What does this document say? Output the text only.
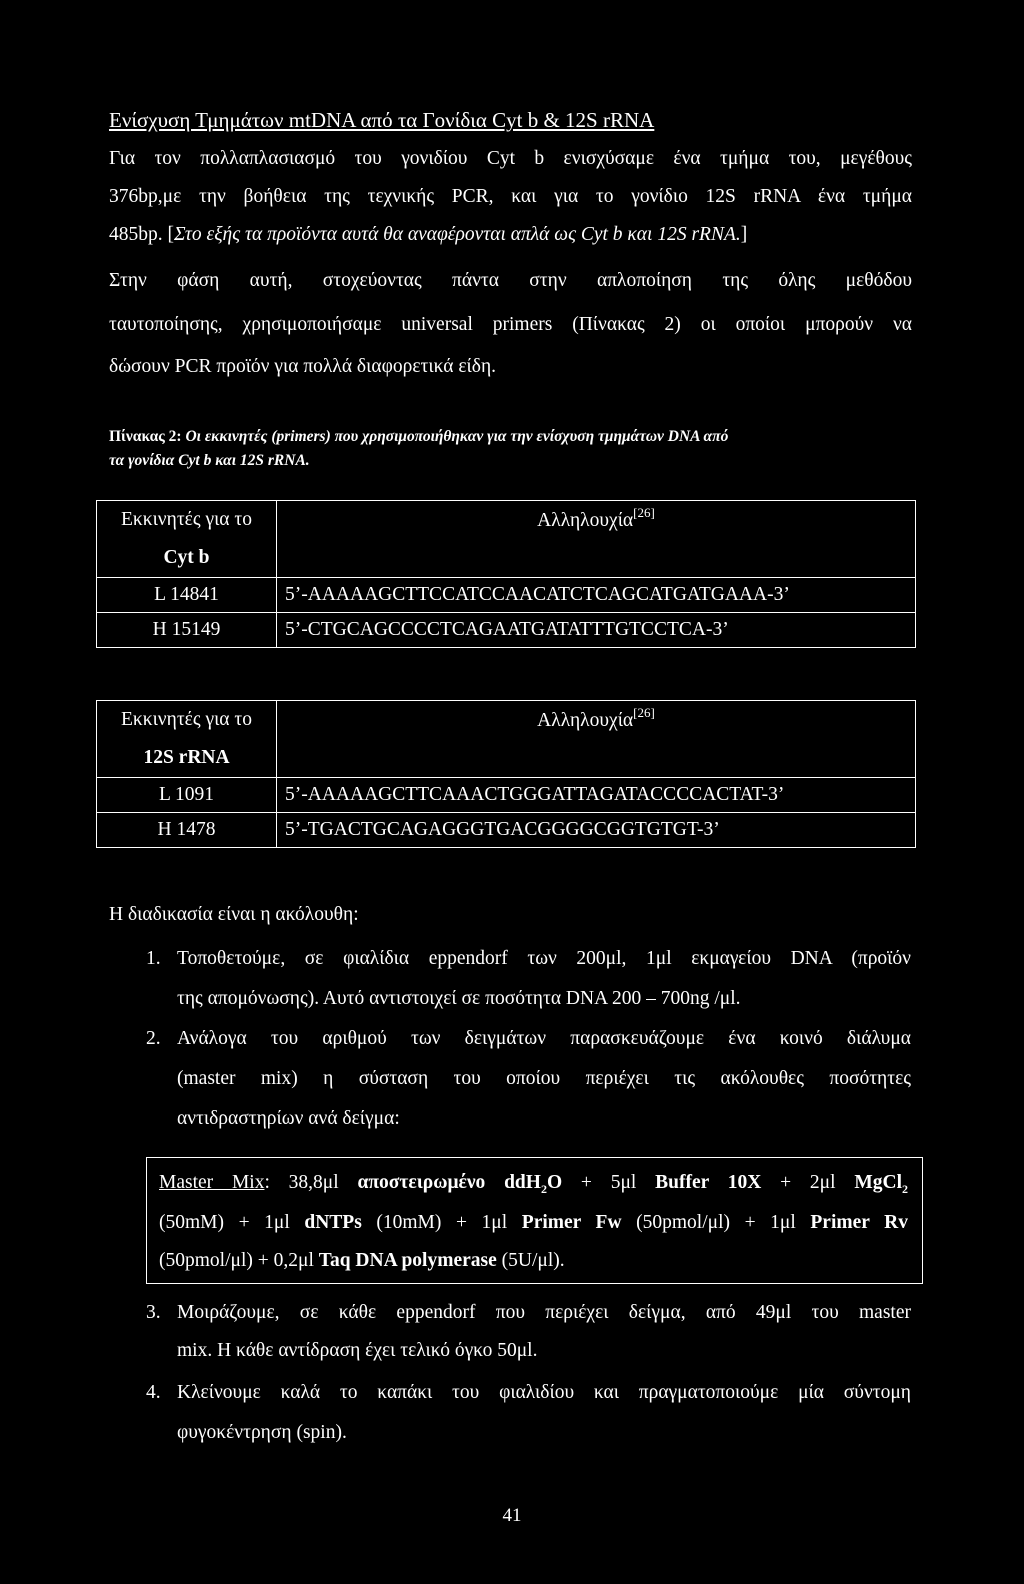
Ενίσχυση Τμημάτων mtDNA από τα Γονίδια Cyt b & 12S rRNA
Για τον πολλαπλασιασμό του γονιδίου Cyt b ενισχύσαμε ένα τμήμα του, μεγέθους
376bp,με την βοήθεια της τεχνικής PCR, και για το γονίδιο 12S rRNA ένα τμήμα
485bp. [Στο εξής τα προϊόντα αυτά θα αναφέρονται απλά ως Cyt b και 12S rRNA.]
Στην φάση αυτή, στοχεύοντας πάντα στην απλοποίηση της όλης μεθόδου
ταυτοποίησης, χρησιμοποιήσαμε universal primers (Πίνακας 2) οι οποίοι μπορούν να
δώσουν PCR προϊόν για πολλά διαφορετικά είδη.
Πίνακας 2: Οι εκκινητές (primers) που χρησιμοποιήθηκαν για την ενίσχυση τμημάτων DNA από
τα γονίδια Cyt b και 12S rRNA.
Εκκινητές για το
Cyt b	Αλληλουχία[26]
L 14841	5’-AAAAAGCTTCCATCCAACATCTCAGCATGATGAAA-3’
H 15149	5’-CTGCAGCCCCTCAGAATGATATTTGTCCTCA-3’
Εκκινητές για το
12S rRNA	Αλληλουχία[26]
L 1091	5’-AAAAAGCTTCAAACTGGGATTAGATACCCCACTAT-3’
H 1478	5’-TGACTGCAGAGGGTGACGGGGCGGTGTGT-3’
Η διαδικασία είναι η ακόλουθη:
1. Τοποθετούμε, σε φιαλίδια eppendorf των 200μl, 1μl εκμαγείου DNA (προϊόν
της απομόνωσης). Αυτό αντιστοιχεί σε ποσότητα DNA 200 – 700ng /μl.
2. Ανάλογα του αριθμού των δειγμάτων παρασκευάζουμε ένα κοινό διάλυμα
(master mix) η σύσταση του οποίου περιέχει τις ακόλουθες ποσότητες
αντιδραστηρίων ανά δείγμα:
Master Mix: 38,8μl αποστειρωμένο ddH$_2$O + 5μl Buffer 10X + 2μl MgCl$_2$
(50mM) + 1μl dNTPs (10mM) + 1μl Primer Fw (50pmol/μl) + 1μl Primer Rv
(50pmol/μl) + 0,2μl Taq DNA polymerase (5U/μl).
3. Μοιράζουμε, σε κάθε eppendorf που περιέχει δείγμα, από 49μl του master
mix. Η κάθε αντίδραση έχει τελικό όγκο 50μl.
4. Κλείνουμε καλά το καπάκι του φιαλιδίου και πραγματοποιούμε μία σύντομη
φυγοκέντρηση (spin).
41
